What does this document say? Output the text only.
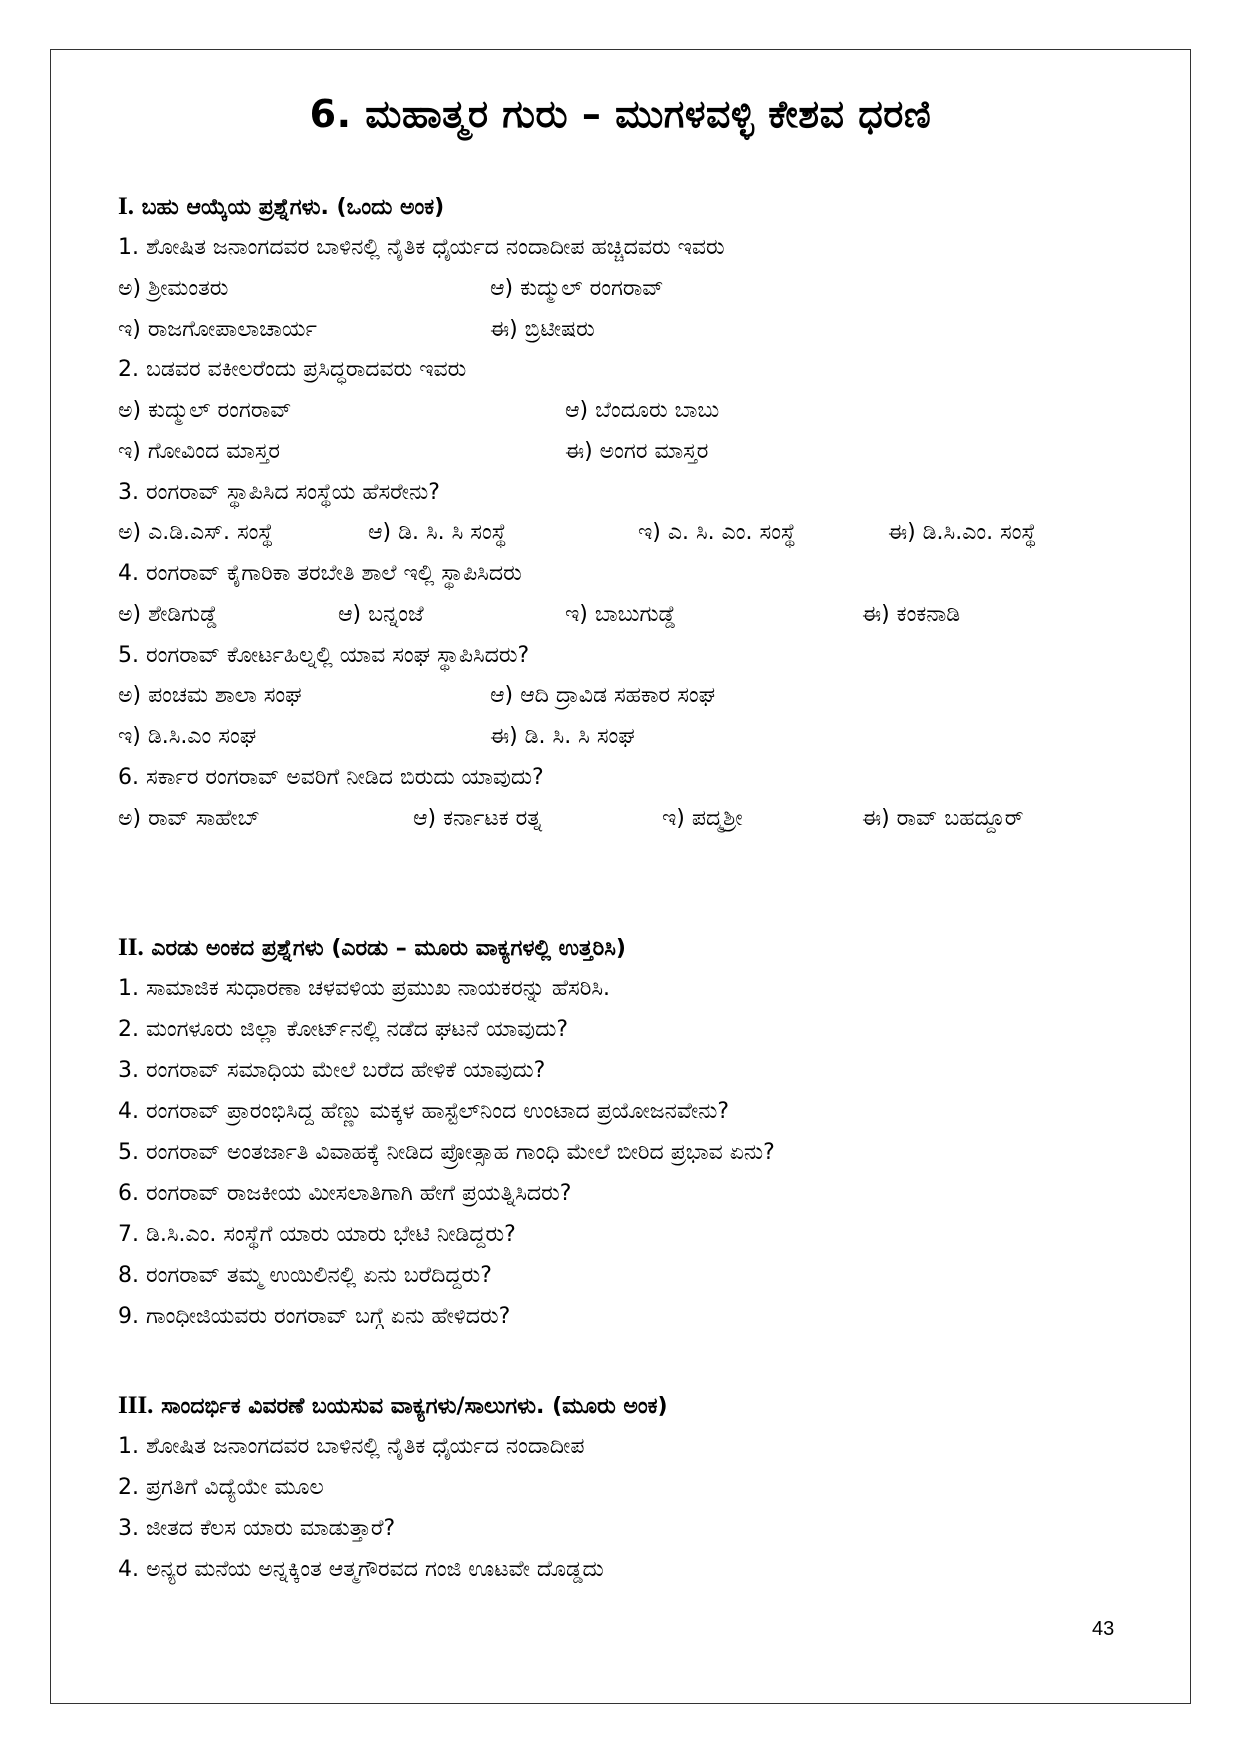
6. ಮಹಾತ್ಮರ ಗುರು – ಮುಗಳವಳ್ಳಿ ಕೇಶವ ಧರಣಿ
I. ಬಹು ಆಯ್ಕೆಯ ಪ್ರಶ್ನೆಗಳು. (ಒಂದು ಅಂಕ)
1. ಶೋಷಿತ ಜನಾಂಗದವರ ಬಾಳಿನಲ್ಲಿ ನೈತಿಕ ಧೈರ್ಯದ ನಂದಾದೀಪ ಹಚ್ಚಿದವರು ಇವರು
ಅ) ಶ್ರೀಮಂತರು	ಆ) ಕುದ್ಮುಲ್ ರಂಗರಾವ್
ಇ) ರಾಜಗೋಪಾಲಾಚಾರ್ಯ	ಈ) ಬ್ರಿಟೀಷರು
2. ಬಡವರ ವಕೀಲರೆಂದು ಪ್ರಸಿದ್ಧರಾದವರು ಇವರು
ಅ) ಕುದ್ಮುಲ್ ರಂಗರಾವ್	ಆ) ಬೆಂದೂರು ಬಾಬು
ಇ) ಗೋವಿಂದ ಮಾಸ್ತರ	ಈ) ಅಂಗರ ಮಾಸ್ತರ
3. ರಂಗರಾವ್ ಸ್ಥಾಪಿಸಿದ ಸಂಸ್ಥೆಯ ಹೆಸರೇನು?
ಅ) ಎ.ಡಿ.ಎಸ್. ಸಂಸ್ಥೆ	ಆ) ಡಿ. ಸಿ. ಸಿ ಸಂಸ್ಥೆ	ಇ) ಎ. ಸಿ. ಎಂ. ಸಂಸ್ಥೆ	ಈ) ಡಿ.ಸಿ.ಎಂ. ಸಂಸ್ಥೆ
4. ರಂಗರಾವ್ ಕೈಗಾರಿಕಾ ತರಬೇತಿ ಶಾಲೆ ಇಲ್ಲಿ ಸ್ಥಾಪಿಸಿದರು
ಅ) ಶೇಡಿಗುಡ್ಡೆ	ಆ) ಬನ್ನಂಜೆ	ಇ) ಬಾಬುಗುಡ್ಡೆ	ಈ) ಕಂಕನಾಡಿ
5. ರಂಗರಾವ್ ಕೋರ್ಟಹಿಲ್ನಲ್ಲಿ ಯಾವ ಸಂಘ ಸ್ಥಾಪಿಸಿದರು?
ಅ) ಪಂಚಮ ಶಾಲಾ ಸಂಘ	ಆ) ಆದಿ ದ್ರಾವಿಡ ಸಹಕಾರ ಸಂಘ
ಇ) ಡಿ.ಸಿ.ಎಂ ಸಂಘ	ಈ) ಡಿ. ಸಿ. ಸಿ ಸಂಘ
6. ಸರ್ಕಾರ ರಂಗರಾವ್ ಅವರಿಗೆ ನೀಡಿದ ಬಿರುದು ಯಾವುದು?
ಅ) ರಾವ್ ಸಾಹೇಬ್	ಆ) ಕರ್ನಾಟಕ ರತ್ನ	ಇ) ಪದ್ಮಶ್ರೀ	ಈ) ರಾವ್ ಬಹದ್ದೂರ್
II. ಎರಡು ಅಂಕದ ಪ್ರಶ್ನೆಗಳು (ಎರಡು – ಮೂರು ವಾಕ್ಯಗಳಲ್ಲಿ ಉತ್ತರಿಸಿ)
1. ಸಾಮಾಜಿಕ ಸುಧಾರಣಾ ಚಳವಳಿಯ ಪ್ರಮುಖ ನಾಯಕರನ್ನು ಹೆಸರಿಸಿ.
2. ಮಂಗಳೂರು ಜಿಲ್ಲಾ ಕೋರ್ಟ್‌ನಲ್ಲಿ ನಡೆದ ಘಟನೆ ಯಾವುದು?
3. ರಂಗರಾವ್ ಸಮಾಧಿಯ ಮೇಲೆ ಬರೆದ ಹೇಳಿಕೆ ಯಾವುದು?
4. ರಂಗರಾವ್ ಪ್ರಾರಂಭಿಸಿದ್ದ ಹೆಣ್ಣು ಮಕ್ಕಳ ಹಾಸ್ಟೆಲ್‌ನಿಂದ ಉಂಟಾದ ಪ್ರಯೋಜನವೇನು?
5. ರಂಗರಾವ್ ಅಂತರ್ಜಾತಿ ವಿವಾಹಕ್ಕೆ ನೀಡಿದ ಪ್ರೋತ್ಸಾಹ ಗಾಂಧಿ ಮೇಲೆ ಬೀರಿದ ಪ್ರಭಾವ ಏನು?
6. ರಂಗರಾವ್ ರಾಜಕೀಯ ಮೀಸಲಾತಿಗಾಗಿ ಹೇಗೆ ಪ್ರಯತ್ನಿಸಿದರು?
7. ಡಿ.ಸಿ.ಎಂ. ಸಂಸ್ಥೆಗೆ ಯಾರು ಯಾರು ಭೇಟಿ ನೀಡಿದ್ದರು?
8. ರಂಗರಾವ್ ತಮ್ಮ ಉಯಿಲಿನಲ್ಲಿ ಏನು ಬರೆದಿದ್ದರು?
9. ಗಾಂಧೀಜಿಯವರು ರಂಗರಾವ್ ಬಗ್ಗೆ ಏನು ಹೇಳಿದರು?
III. ಸಾಂದರ್ಭಿಕ ವಿವರಣೆ ಬಯಸುವ ವಾಕ್ಯಗಳು/ಸಾಲುಗಳು. (ಮೂರು ಅಂಕ)
1. ಶೋಷಿತ ಜನಾಂಗದವರ ಬಾಳಿನಲ್ಲಿ ನೈತಿಕ ಧೈರ್ಯದ ನಂದಾದೀಪ
2. ಪ್ರಗತಿಗೆ ವಿದ್ಯೆಯೇ ಮೂಲ
3. ಜೀತದ ಕೆಲಸ ಯಾರು ಮಾಡುತ್ತಾರೆ?
4. ಅನ್ಯರ ಮನೆಯ ಅನ್ನಕ್ಕಿಂತ ಆತ್ಮಗೌರವದ ಗಂಜಿ ಊಟವೇ ದೊಡ್ಡದು
43
